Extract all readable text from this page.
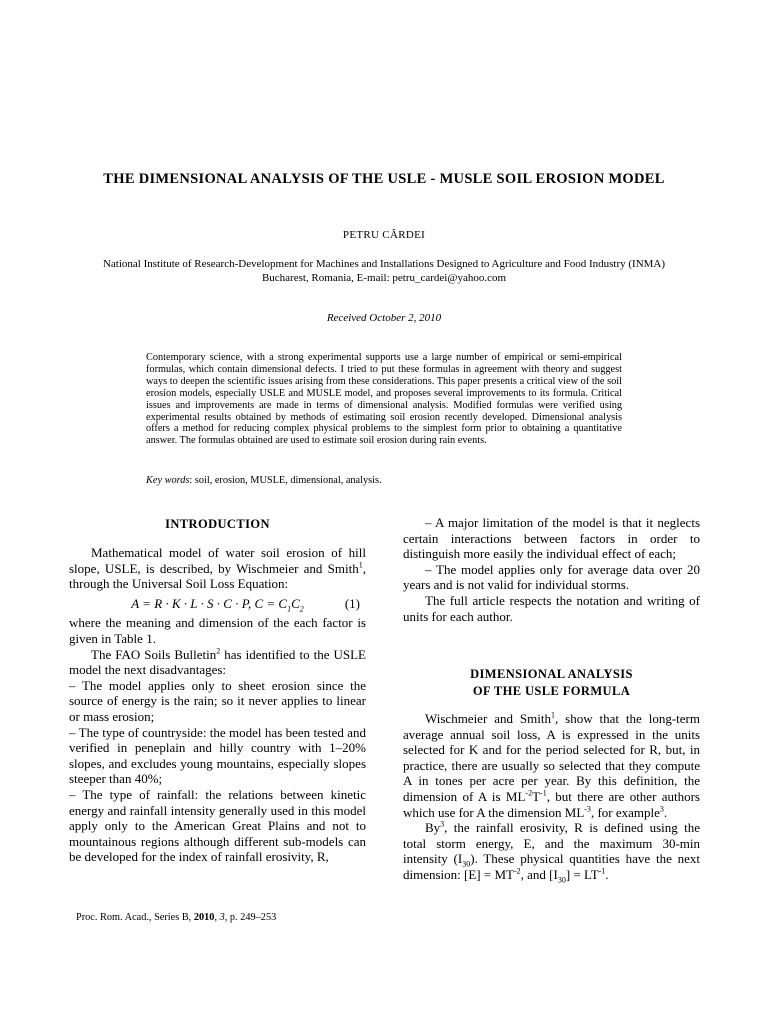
THE DIMENSIONAL ANALYSIS OF THE USLE - MUSLE SOIL EROSION MODEL
PETRU CÂRDEI
National Institute of Research-Development for Machines and Installations Designed to Agriculture and Food Industry (INMA)
Bucharest, Romania, E-mail: petru_cardei@yahoo.com
Received October 2, 2010
Contemporary science, with a strong experimental supports use a large number of empirical or semi-empirical formulas, which contain dimensional defects. I tried to put these formulas in agreement with theory and suggest ways to deepen the scientific issues arising from these considerations. This paper presents a critical view of the soil erosion models, especially USLE and MUSLE model, and proposes several improvements to its formula. Critical issues and improvements are made in terms of dimensional analysis. Modified formulas were verified using experimental results obtained by methods of estimating soil erosion recently developed. Dimensional analysis offers a method for reducing complex physical problems to the simplest form prior to obtaining a quantitative answer. The formulas obtained are used to estimate soil erosion during rain events.
Key words: soil, erosion, MUSLE, dimensional, analysis.
INTRODUCTION

Mathematical model of water soil erosion of hill slope, USLE, is described, by Wischmeier and Smith$^1$, through the Universal Soil Loss Equation:

A = R · K · L · S · C · P, $C = C_1C_2$	(1)

where the meaning and dimension of the each factor is given in Table 1.

The FAO Soils Bulletin$^2$ has identified to the USLE model the next disadvantages:

– The model applies only to sheet erosion since the source of energy is the rain; so it never applies to linear or mass erosion;

– The type of countryside: the model has been tested and verified in peneplain and hilly country with 1–20% slopes, and excludes young mountains, especially slopes steeper than 40%;

– The type of rainfall: the relations between kinetic energy and rainfall intensity generally used in this model apply only to the American Great Plains and not to mountainous regions although different sub-models can be developed for the index of rainfall erosivity, R,

– A major limitation of the model is that it neglects certain interactions between factors in order to distinguish more easily the individual effect of each;

– The model applies only for average data over 20 years and is not valid for individual storms.

The full article respects the notation and writing of units for each author.

DIMENSIONAL ANALYSIS
OF THE USLE FORMULA

Wischmeier and Smith$^1$, show that the long-term average annual soil loss, A is expressed in the units selected for K and for the period selected for R, but, in practice, there are usually so selected that they compute A in tones per acre per year. By this definition, the dimension of A is $ML^{-2}T^{-1}$, but there are other authors which use for A the dimension $ML^{-3}$, for example$^3$.

By$^3$, the rainfall erosivity, R is defined using the total storm energy, E, and the maximum 30-min intensity $(I_{30})$. These physical quantities have the next dimension: $[E] = MT^{-2}$, and $[I_{30}] = LT^{-1}$.

Proc. Rom. Acad., Series B, 2010, 3, p. 249–253
